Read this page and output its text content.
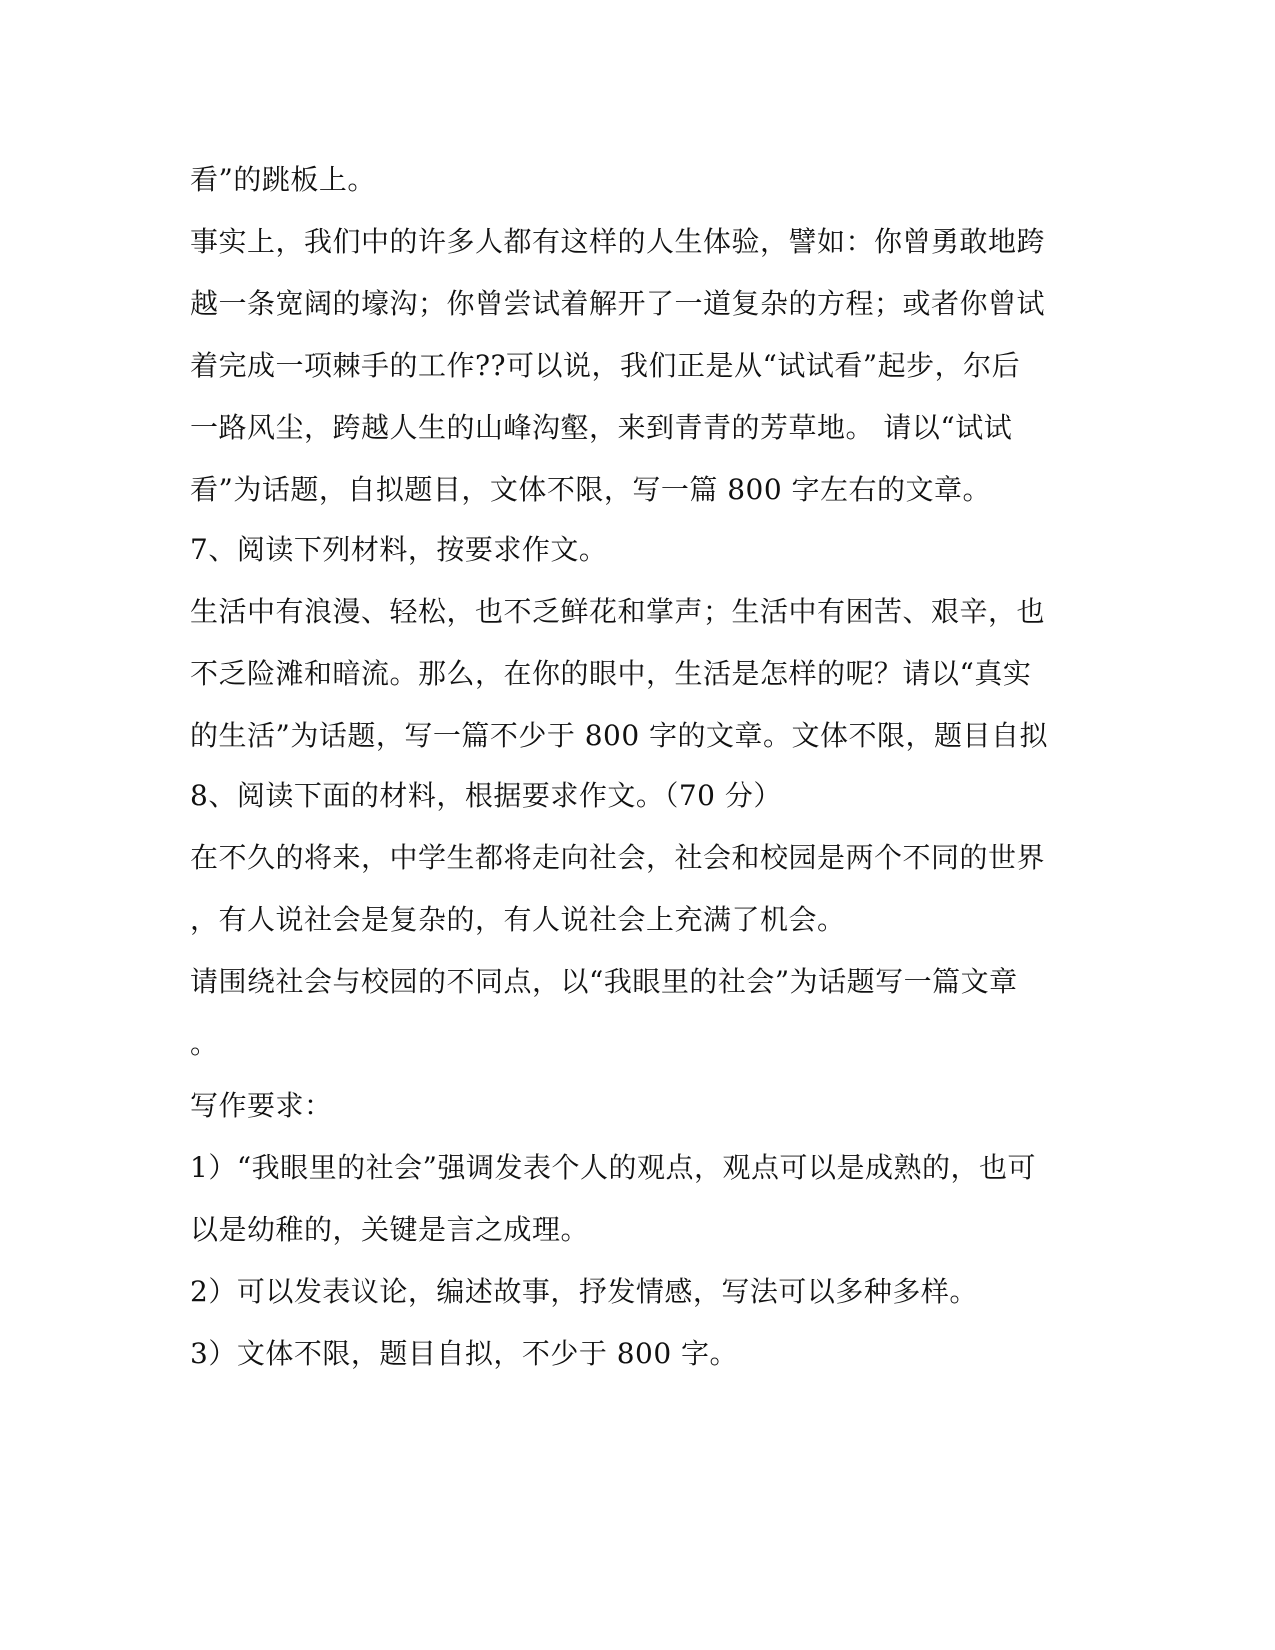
看”的跳板上。
事实上，我们中的许多人都有这样的人生体验，譬如：你曾勇敢地跨
越一条宽阔的壕沟；你曾尝试着解开了一道复杂的方程；或者你曾试
着完成一项棘手的工作??可以说，我们正是从“试试看”起步，尔后
一路风尘，跨越人生的山峰沟壑，来到青青的芳草地。 请以“试试
看”为话题，自拟题目，文体不限，写一篇 800 字左右的文章。
7、阅读下列材料，按要求作文。
生活中有浪漫、轻松，也不乏鲜花和掌声；生活中有困苦、艰辛，也
不乏险滩和暗流。那么，在你的眼中，生活是怎样的呢？请以“真实
的生活”为话题，写一篇不少于 800 字的文章。文体不限，题目自拟
8、阅读下面的材料，根据要求作文。（70 分）
在不久的将来，中学生都将走向社会，社会和校园是两个不同的世界
，有人说社会是复杂的，有人说社会上充满了机会。
请围绕社会与校园的不同点，以“我眼里的社会”为话题写一篇文章
。
写作要求：
1）“我眼里的社会”强调发表个人的观点，观点可以是成熟的，也可
以是幼稚的，关键是言之成理。
2）可以发表议论，编述故事，抒发情感，写法可以多种多样。
3）文体不限，题目自拟，不少于 800 字。
